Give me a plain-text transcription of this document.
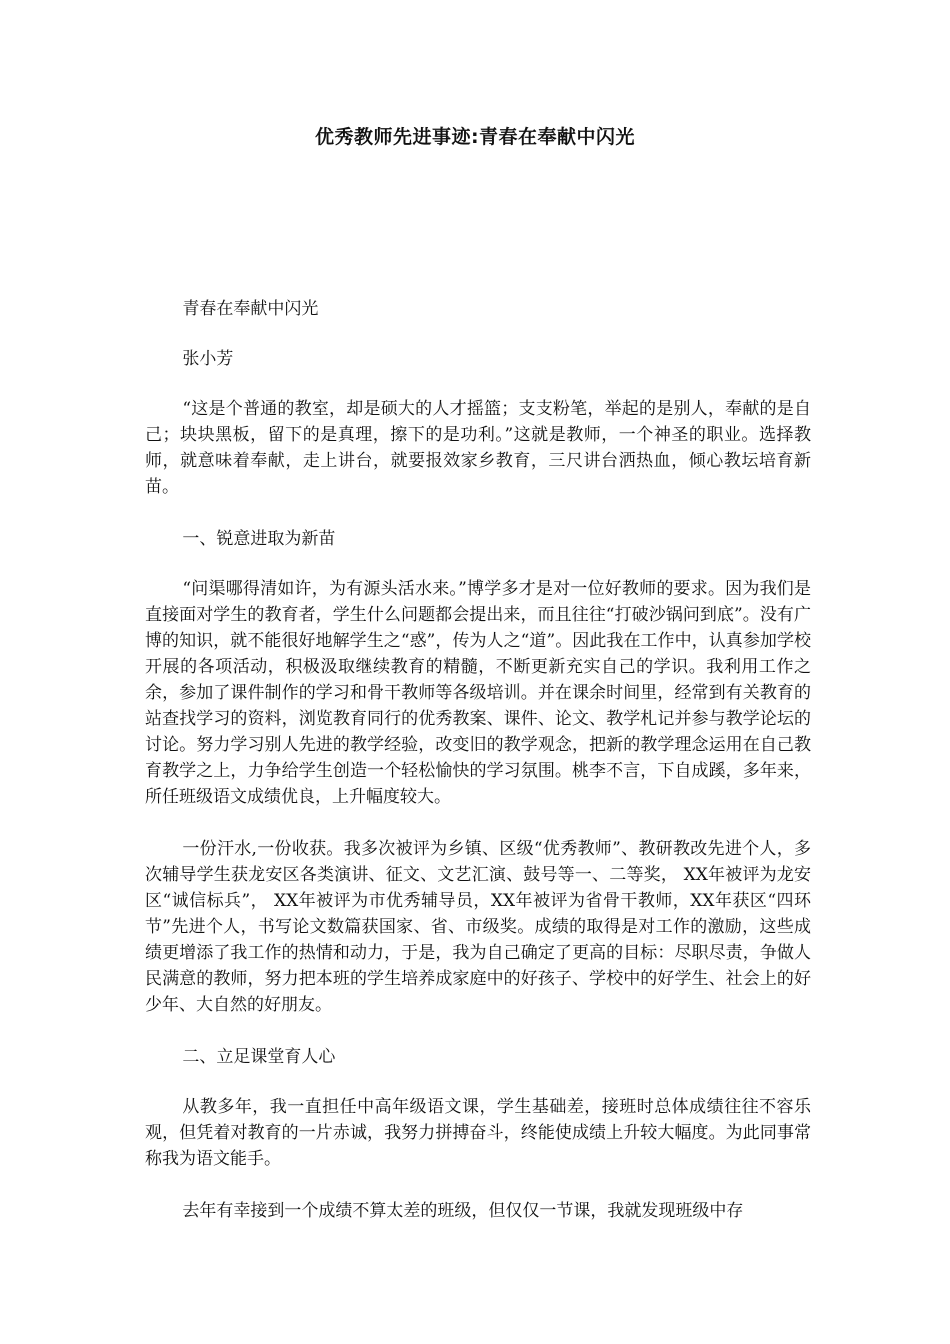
优秀教师先进事迹:青春在奉献中闪光

青春在奉献中闪光

张小芳

“这是个普通的教室，却是硕大的人才摇篮；支支粉笔，举起的是别人，奉献的是自己；块块黑板，留下的是真理，擦下的是功利。”这就是教师，一个神圣的职业。选择教师，就意味着奉献，走上讲台，就要报效家乡教育，三尺讲台洒热血，倾心教坛培育新苗。

一、锐意进取为新苗

“问渠哪得清如许，为有源头活水来。”博学多才是对一位好教师的要求。因为我们是直接面对学生的教育者，学生什么问题都会提出来，而且往往“打破沙锅问到底”。没有广博的知识，就不能很好地解学生之“惑”，传为人之“道”。因此我在工作中，认真参加学校开展的各项活动，积极汲取继续教育的精髓，不断更新充实自己的学识。我利用工作之余，参加了课件制作的学习和骨干教师等各级培训。并在课余时间里，经常到有关教育的站查找学习的资料，浏览教育同行的优秀教案、课件、论文、教学札记并参与教学论坛的讨论。努力学习别人先进的教学经验，改变旧的教学观念，把新的教学理念运用在自己教育教学之上，力争给学生创造一个轻松愉快的学习氛围。桃李不言，下自成蹊，多年来，所任班级语文成绩优良，上升幅度较大。

一份汗水,一份收获。我多次被评为乡镇、区级“优秀教师”、教研教改先进个人，多次辅导学生获龙安区各类演讲、征文、文艺汇演、鼓号等一、二等奖， XX年被评为龙安区“诚信标兵”， XX年被评为市优秀辅导员，XX年被评为省骨干教师，XX年获区“四环节”先进个人，书写论文数篇获国家、省、市级奖。成绩的取得是对工作的激励，这些成绩更增添了我工作的热情和动力，于是，我为自己确定了更高的目标：尽职尽责，争做人民满意的教师，努力把本班的学生培养成家庭中的好孩子、学校中的好学生、社会上的好少年、大自然的好朋友。

二、立足课堂育人心

从教多年，我一直担任中高年级语文课，学生基础差，接班时总体成绩往往不容乐观，但凭着对教育的一片赤诚，我努力拼搏奋斗，终能使成绩上升较大幅度。为此同事常称我为语文能手。

去年有幸接到一个成绩不算太差的班级，但仅仅一节课，我就发现班级中存
